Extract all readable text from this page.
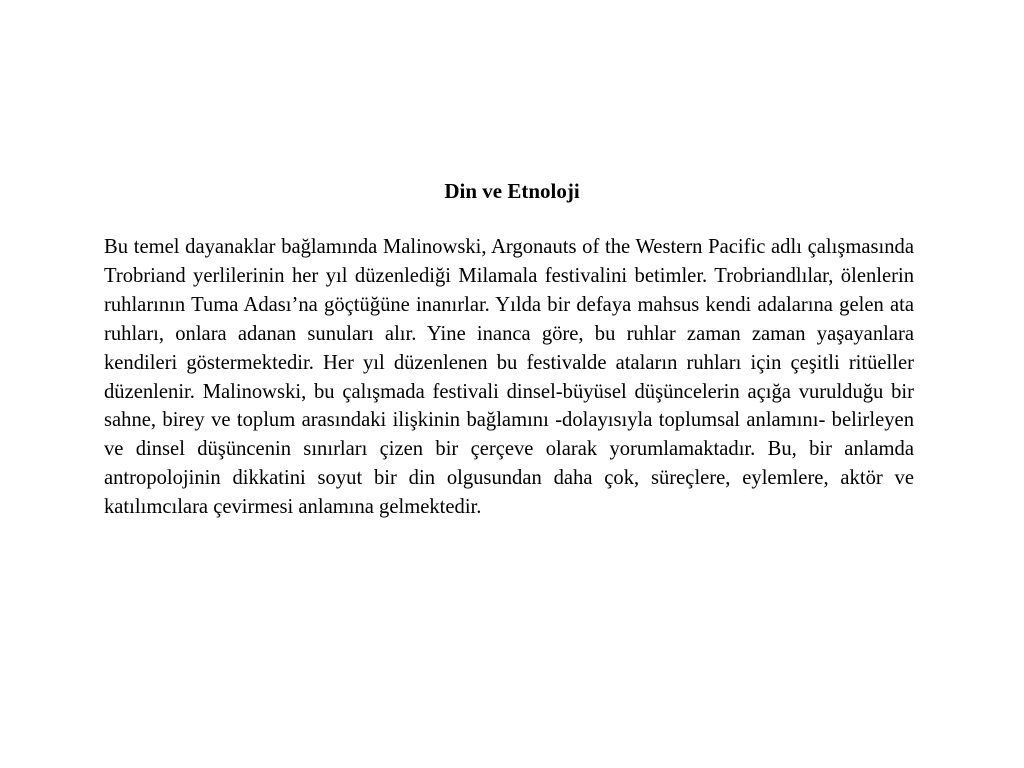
Din ve Etnoloji

Bu temel dayanaklar bağlamında Malinowski, Argonauts of the Western Pacific adlı çalışmasında Trobriand yerlilerinin her yıl düzenlediği Milamala festivalini betimler. Trobriandlılar, ölenlerin ruhlarının Tuma Adası’na göçtüğüne inanırlar. Yılda bir defaya mahsus kendi adalarına gelen ata ruhları, onlara adanan sunuları alır. Yine inanca göre, bu ruhlar zaman zaman yaşayanlara kendileri göstermektedir. Her yıl düzenlenen bu festivalde ataların ruhları için çeşitli ritüeller düzenlenir. Malinowski, bu çalışmada festivali dinsel-büyüsel düşüncelerin açığa vurulduğu bir sahne, birey ve toplum arasındaki ilişkinin bağlamını -dolayısıyla toplumsal anlamını- belirleyen ve dinsel düşüncenin sınırları çizen bir çerçeve olarak yorumlamaktadır. Bu, bir anlamda antropolojinin dikkatini soyut bir din olgusundan daha çok, süreçlere, eylemlere, aktör ve katılımcılara çevirmesi anlamına gelmektedir.
